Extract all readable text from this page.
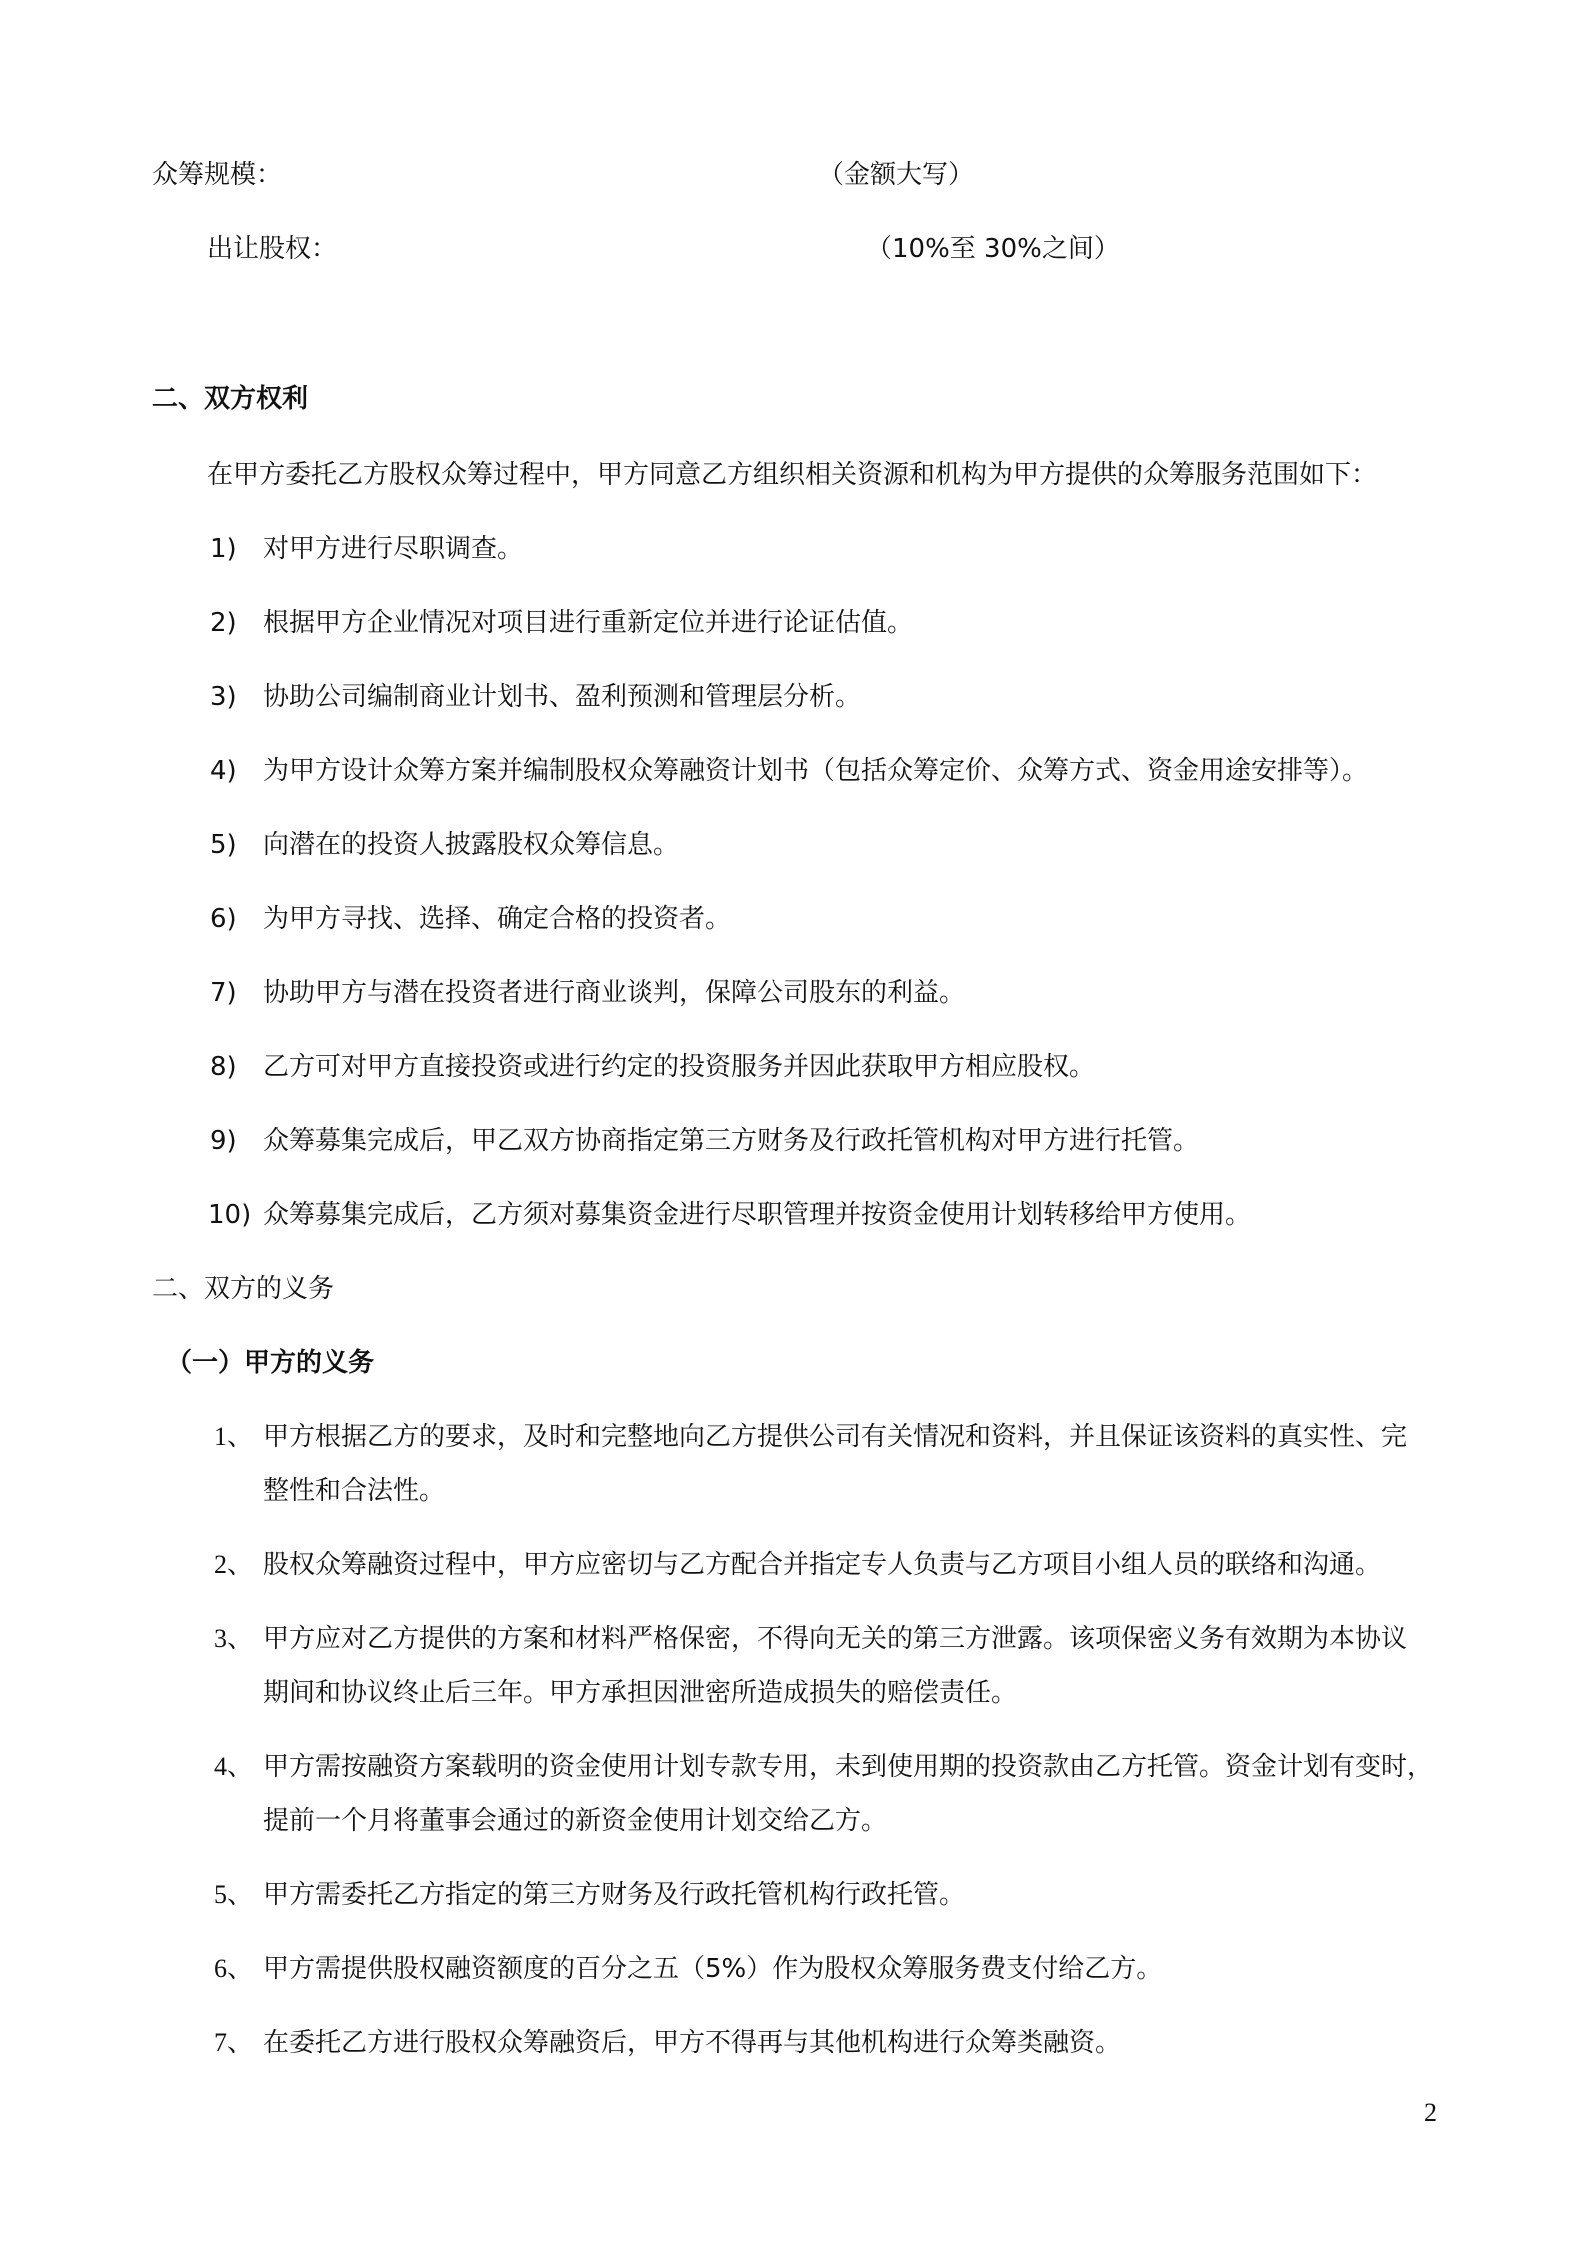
众筹规模：	（金额大写）
出让股权：	（10%至 30%之间）
二、双方权利
在甲方委托乙方股权众筹过程中，甲方同意乙方组织相关资源和机构为甲方提供的众筹服务范围如下：
1) 对甲方进行尽职调查。
2) 根据甲方企业情况对项目进行重新定位并进行论证估值。
3) 协助公司编制商业计划书、盈利预测和管理层分析。
4) 为甲方设计众筹方案并编制股权众筹融资计划书（包括众筹定价、众筹方式、资金用途安排等）。
5) 向潜在的投资人披露股权众筹信息。
6) 为甲方寻找、选择、确定合格的投资者。
7) 协助甲方与潜在投资者进行商业谈判，保障公司股东的利益。
8) 乙方可对甲方直接投资或进行约定的投资服务并因此获取甲方相应股权。
9) 众筹募集完成后，甲乙双方协商指定第三方财务及行政托管机构对甲方进行托管。
10) 众筹募集完成后，乙方须对募集资金进行尽职管理并按资金使用计划转移给甲方使用。
二、双方的义务
（一）甲方的义务
1、 甲方根据乙方的要求，及时和完整地向乙方提供公司有关情况和资料，并且保证该资料的真实性、完
整性和合法性。
2、 股权众筹融资过程中，甲方应密切与乙方配合并指定专人负责与乙方项目小组人员的联络和沟通。
3、 甲方应对乙方提供的方案和材料严格保密，不得向无关的第三方泄露。该项保密义务有效期为本协议
期间和协议终止后三年。甲方承担因泄密所造成损失的赔偿责任。
4、 甲方需按融资方案载明的资金使用计划专款专用，未到使用期的投资款由乙方托管。资金计划有变时，
提前一个月将董事会通过的新资金使用计划交给乙方。
5、 甲方需委托乙方指定的第三方财务及行政托管机构行政托管。
6、 甲方需提供股权融资额度的百分之五（5%）作为股权众筹服务费支付给乙方。
7、 在委托乙方进行股权众筹融资后，甲方不得再与其他机构进行众筹类融资。
2
